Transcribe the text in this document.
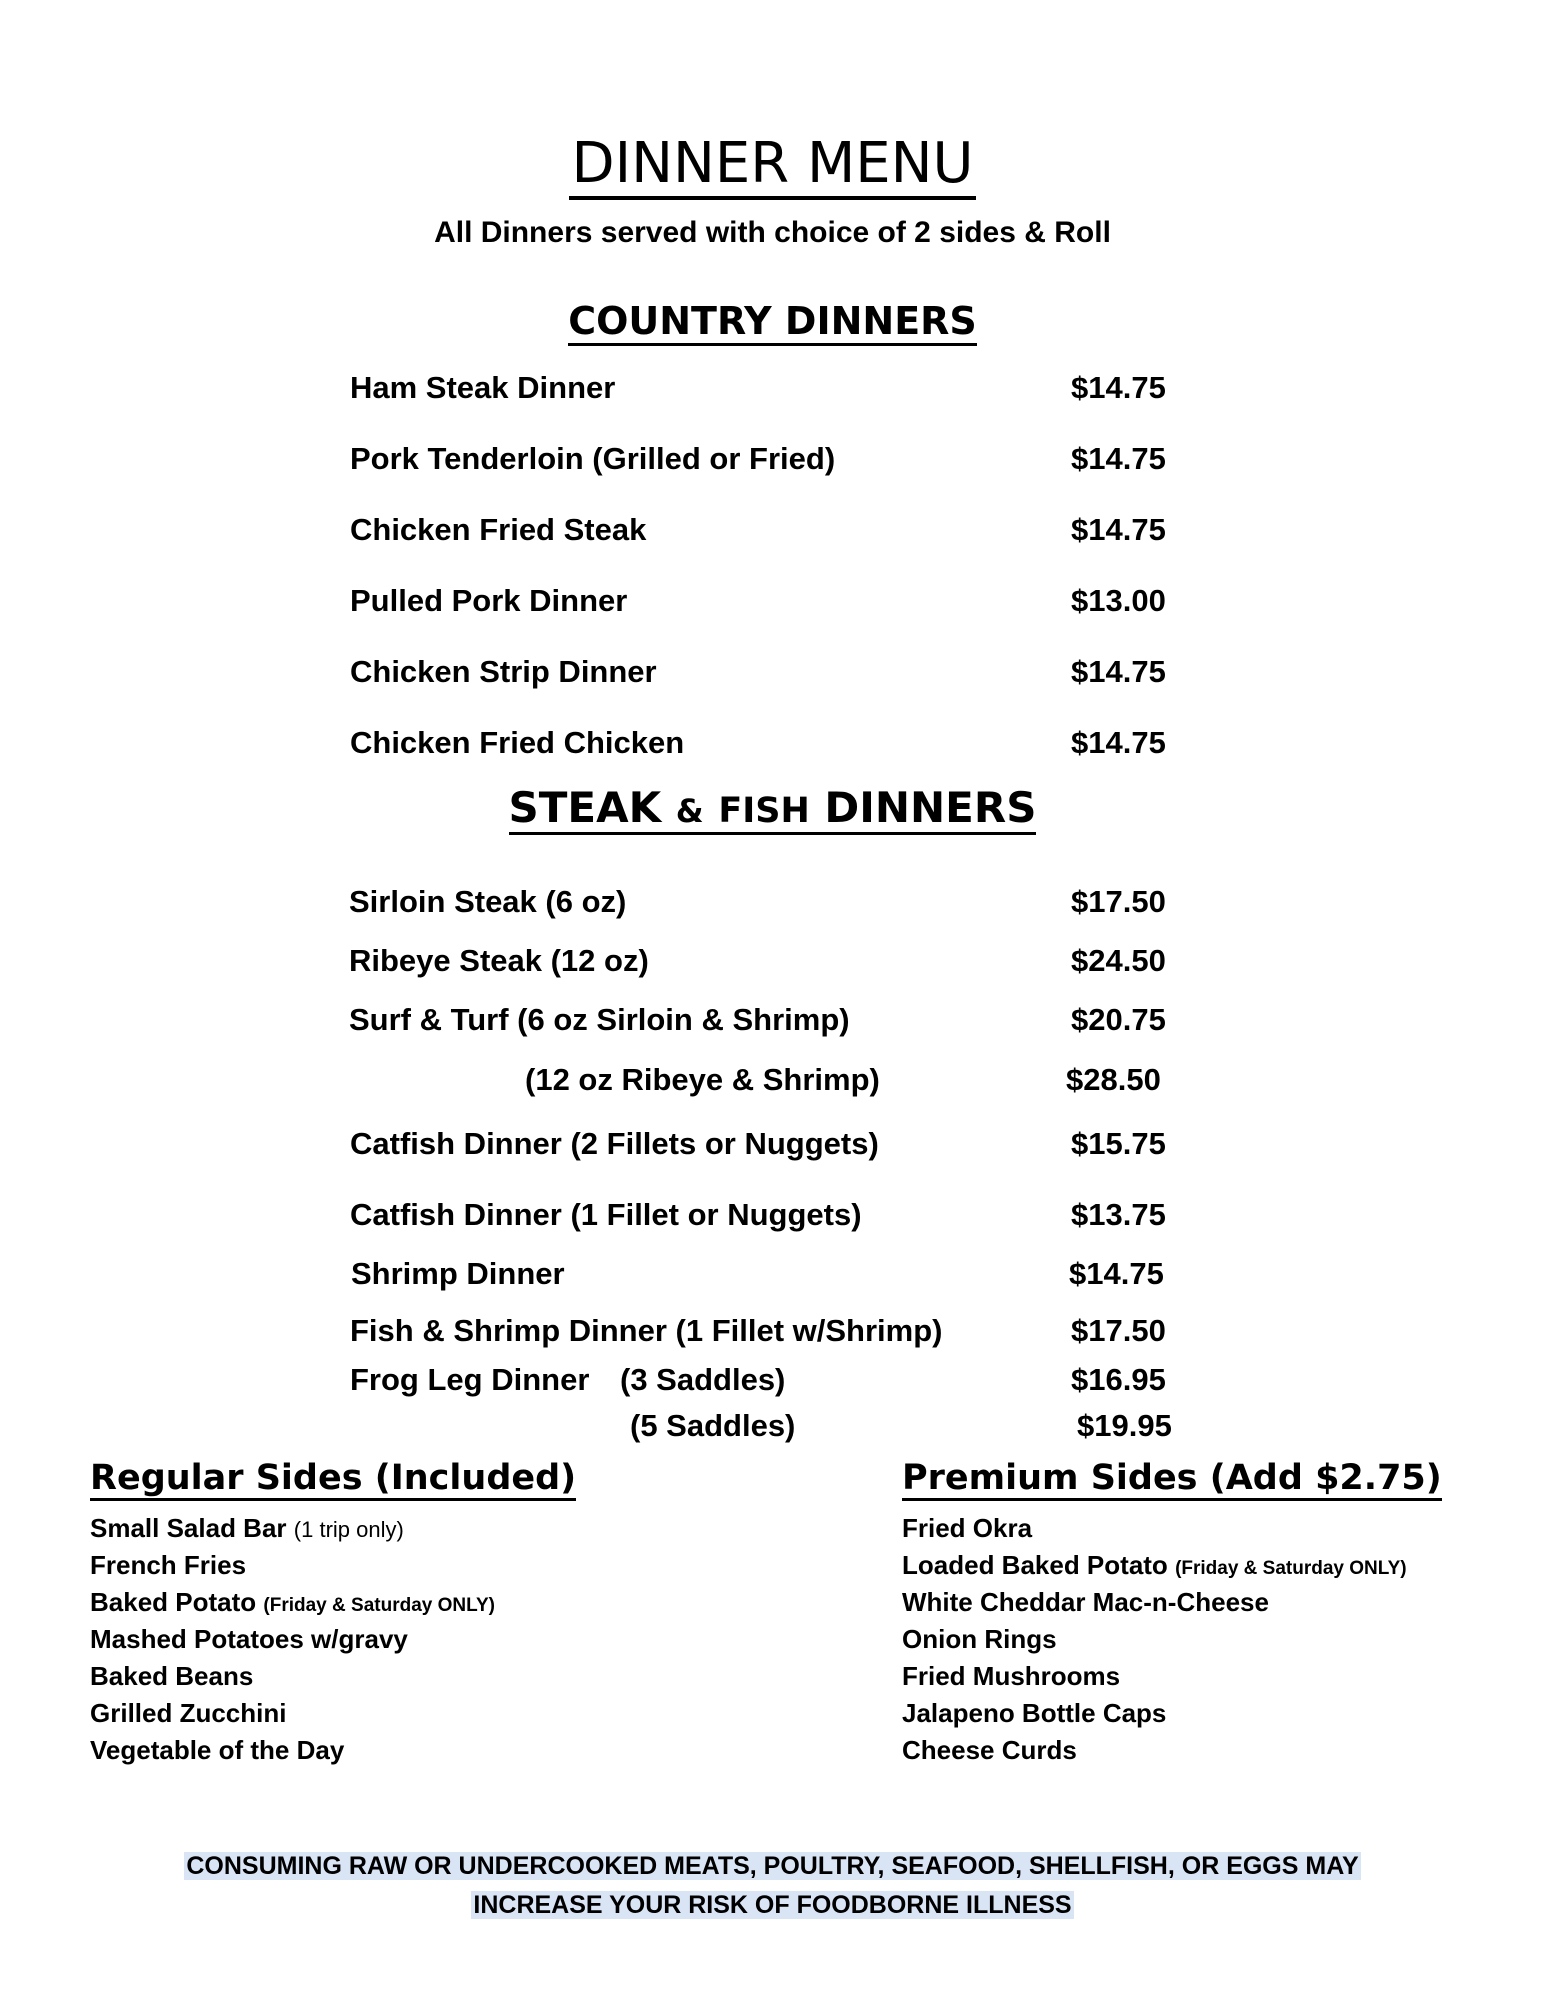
DINNER MENU
All Dinners served with choice of 2 sides & Roll
COUNTRY DINNERS
Ham Steak Dinner	$14.75
Pork Tenderloin (Grilled or Fried)	$14.75
Chicken Fried Steak	$14.75
Pulled Pork Dinner	$13.00
Chicken Strip Dinner	$14.75
Chicken Fried Chicken	$14.75
STEAK & FISH DINNERS
Sirloin Steak (6 oz)	$17.50
Ribeye Steak (12 oz)	$24.50
Surf & Turf (6 oz Sirloin & Shrimp)	$20.75
(12 oz Ribeye & Shrimp)	$28.50
Catfish Dinner (2 Fillets or Nuggets)	$15.75
Catfish Dinner (1 Fillet or Nuggets)	$13.75
Shrimp Dinner	$14.75
Fish & Shrimp Dinner (1 Fillet w/Shrimp)	$17.50
Frog Leg Dinner (3 Saddles)	$16.95
(5 Saddles)	$19.95
Regular Sides (Included)
Small Salad Bar (1 trip only)
French Fries
Baked Potato (Friday & Saturday ONLY)
Mashed Potatoes w/gravy
Baked Beans
Grilled Zucchini
Vegetable of the Day
Premium Sides (Add $2.75)
Fried Okra
Loaded Baked Potato (Friday & Saturday ONLY)
White Cheddar Mac-n-Cheese
Onion Rings
Fried Mushrooms
Jalapeno Bottle Caps
Cheese Curds
CONSUMING RAW OR UNDERCOOKED MEATS, POULTRY, SEAFOOD, SHELLFISH, OR EGGS MAY
INCREASE YOUR RISK OF FOODBORNE ILLNESS
